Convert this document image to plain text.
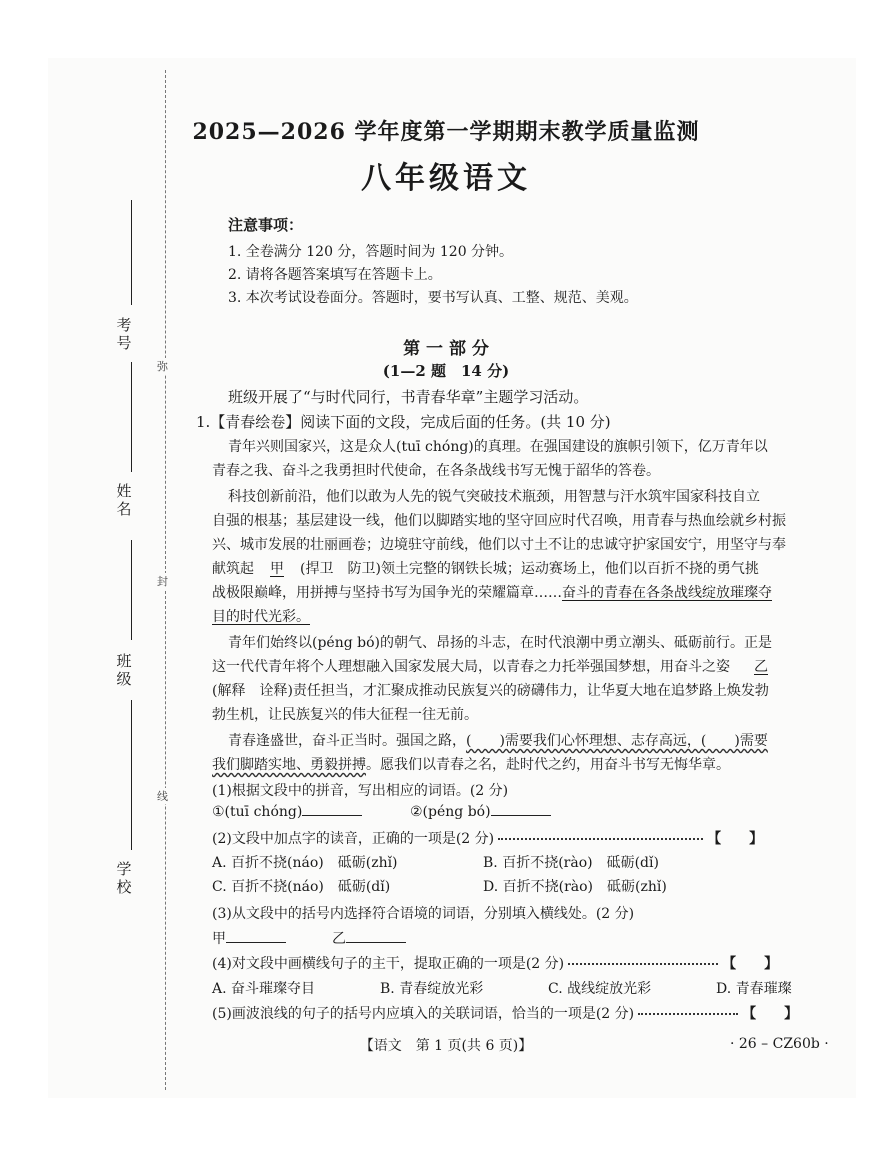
弥
封
线
考号
姓名
班级
学校
2025—2026 学年度第一学期期末教学质量监测
八年级语文
注意事项：
1. 全卷满分 120 分，答题时间为 120 分钟。
2. 请将各题答案填写在答题卡上。
3. 本次考试设卷面分。答题时，要书写认真、工整、规范、美观。
第 一 部 分
(1—2 题　14 分)
班级开展了“与时代同行，书青春华章”主题学习活动。
1.【青春绘卷】阅读下面的文段，完成后面的任务。(共 10 分)
青年兴则国家兴，这是众人(tuī chóng)的真理。在强国建设的旗帜引领下，亿万青年以
青春之我、奋斗之我勇担时代使命，在各条战线书写无愧于韶华的答卷。
科技创新前沿，他们以敢为人先的锐气突破技术瓶颈，用智慧与汗水筑牢国家科技自立
自强的根基；基层建设一线，他们以脚踏实地的坚守回应时代召唤，用青春与热血绘就乡村振
兴、城市发展的壮丽画卷；边境驻守前线，他们以寸土不让的忠诚守护家国安宁，用坚守与奉
献筑起 甲 (捍卫　防卫)领土完整的钢铁长城；运动赛场上，他们以百折不挠的勇气挑
战极限巅峰，用拼搏与坚持书写为国争光的荣耀篇章……奋斗的青春在各条战线绽放璀璨夺
目的时代光彩。
青年们始终以(péng bó)的朝气、昂扬的斗志，在时代浪潮中勇立潮头、砥砺前行。正是
这一代代青年将个人理想融入国家发展大局，以青春之力托举强国梦想，用奋斗之姿 乙
(解释　诠释)责任担当，才汇聚成推动民族复兴的磅礴伟力，让华夏大地在追梦路上焕发勃
勃生机，让民族复兴的伟大征程一往无前。
青春逢盛世，奋斗正当时。强国之路，(　　)需要我们心怀理想、志存高远，(　　)需要
我们脚踏实地、勇毅拼搏。愿我们以青春之名，赴时代之约，用奋斗书写无悔华章。
(1)根据文段中的拼音，写出相应的词语。(2 分)
①(tuī chóng)	②(péng bó)
(2)文段中加点字的读音，正确的一项是(2 分)	【　　】
A. 百折不挠(náo)　砥砺(zhǐ)	B. 百折不挠(rào)　砥砺(dǐ)
C. 百折不挠(náo)　砥砺(dǐ)	D. 百折不挠(rào)　砥砺(zhǐ)
(3)从文段中的括号内选择符合语境的词语，分别填入横线处。(2 分)
甲	乙
(4)对文段中画横线句子的主干，提取正确的一项是(2 分)	【　　】
A. 奋斗璀璨夺目	B. 青春绽放光彩	C. 战线绽放光彩	D. 青春璀璨
(5)画波浪线的句子的括号内应填入的关联词语，恰当的一项是(2 分)	【　　】
【语文　第 1 页(共 6 页)】	· 26 – CZ60b ·
